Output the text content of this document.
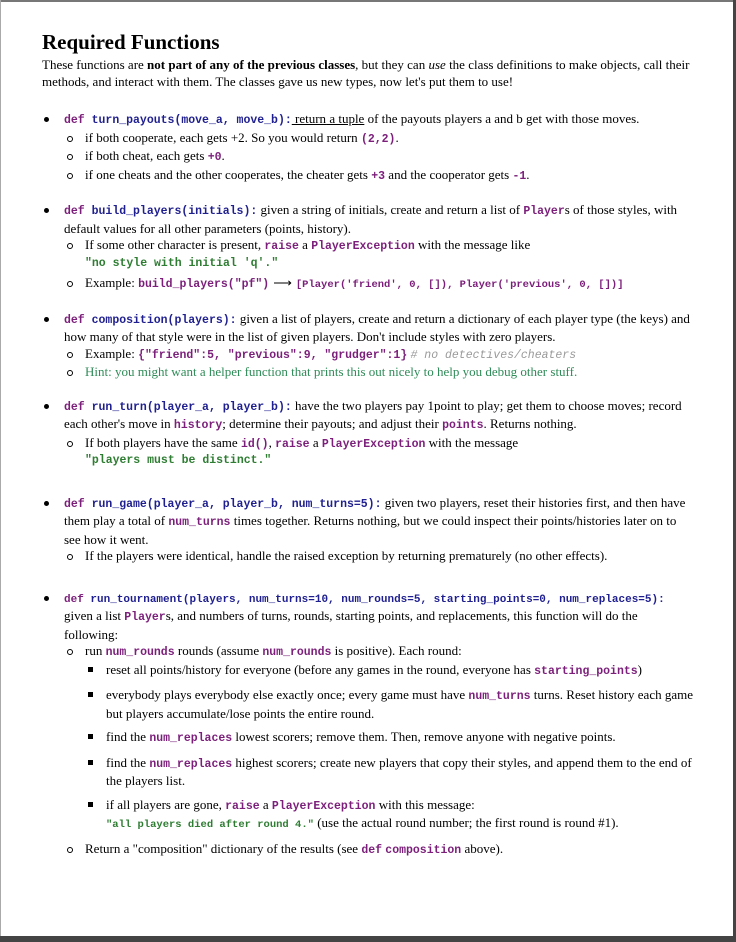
Required Functions

These functions are not part of any of the previous classes, but they can use the class definitions to make objects, call their methods, and interact with them. The classes gave us new types, now let's put them to use!

def turn_payouts(move_a, move_b): return a tuple of the payouts players a and b get with those moves.
if both cooperate, each gets +2. So you would return (2,2).
if both cheat, each gets +0.
if one cheats and the other cooperates, the cheater gets +3 and the cooperator gets -1.
def build_players(initials): given a string of initials, create and return a list of Players of those styles, with default values for all other parameters (points, history).
If some other character is present, raise a PlayerException with the message like
"no style with initial 'q'."
Example: build_players("pf") ⟶ [Player('friend', 0, []), Player('previous', 0, [])]
def composition(players): given a list of players, create and return a dictionary of each player type (the keys) and how many of that style were in the list of given players. Don't include styles with zero players.
Example: {"friend":5, "previous":9, "grudger":1} # no detectives/cheaters
Hint: you might want a helper function that prints this out nicely to help you debug other stuff.
def run_turn(player_a, player_b): have the two players pay 1point to play; get them to choose moves; record each other's move in history; determine their payouts; and adjust their points. Returns nothing.
If both players have the same id(), raise a PlayerException with the message
"players must be distinct."
def run_game(player_a, player_b, num_turns=5): given two players, reset their histories first, and then have them play a total of num_turns times together. Returns nothing, but we could inspect their points/histories later on to see how it went.
If the players were identical, handle the raised exception by returning prematurely (no other effects).
def run_tournament(players, num_turns=10, num_rounds=5, starting_points=0, num_replaces=5):
given a list Players, and numbers of turns, rounds, starting points, and replacements, this function will do the following:
run num_rounds rounds (assume num_rounds is positive). Each round:
reset all points/history for everyone (before any games in the round, everyone has starting_points)
everybody plays everybody else exactly once; every game must have num_turns turns. Reset history each game but players accumulate/lose points the entire round.
find the num_replaces lowest scorers; remove them. Then, remove anyone with negative points.
find the num_replaces highest scorers; create new players that copy their styles, and append them to the end of the players list.
if all players are gone, raise a PlayerException with this message:
"all players died after round 4." (use the actual round number; the first round is round #1).
Return a "composition" dictionary of the results (see def composition above).
